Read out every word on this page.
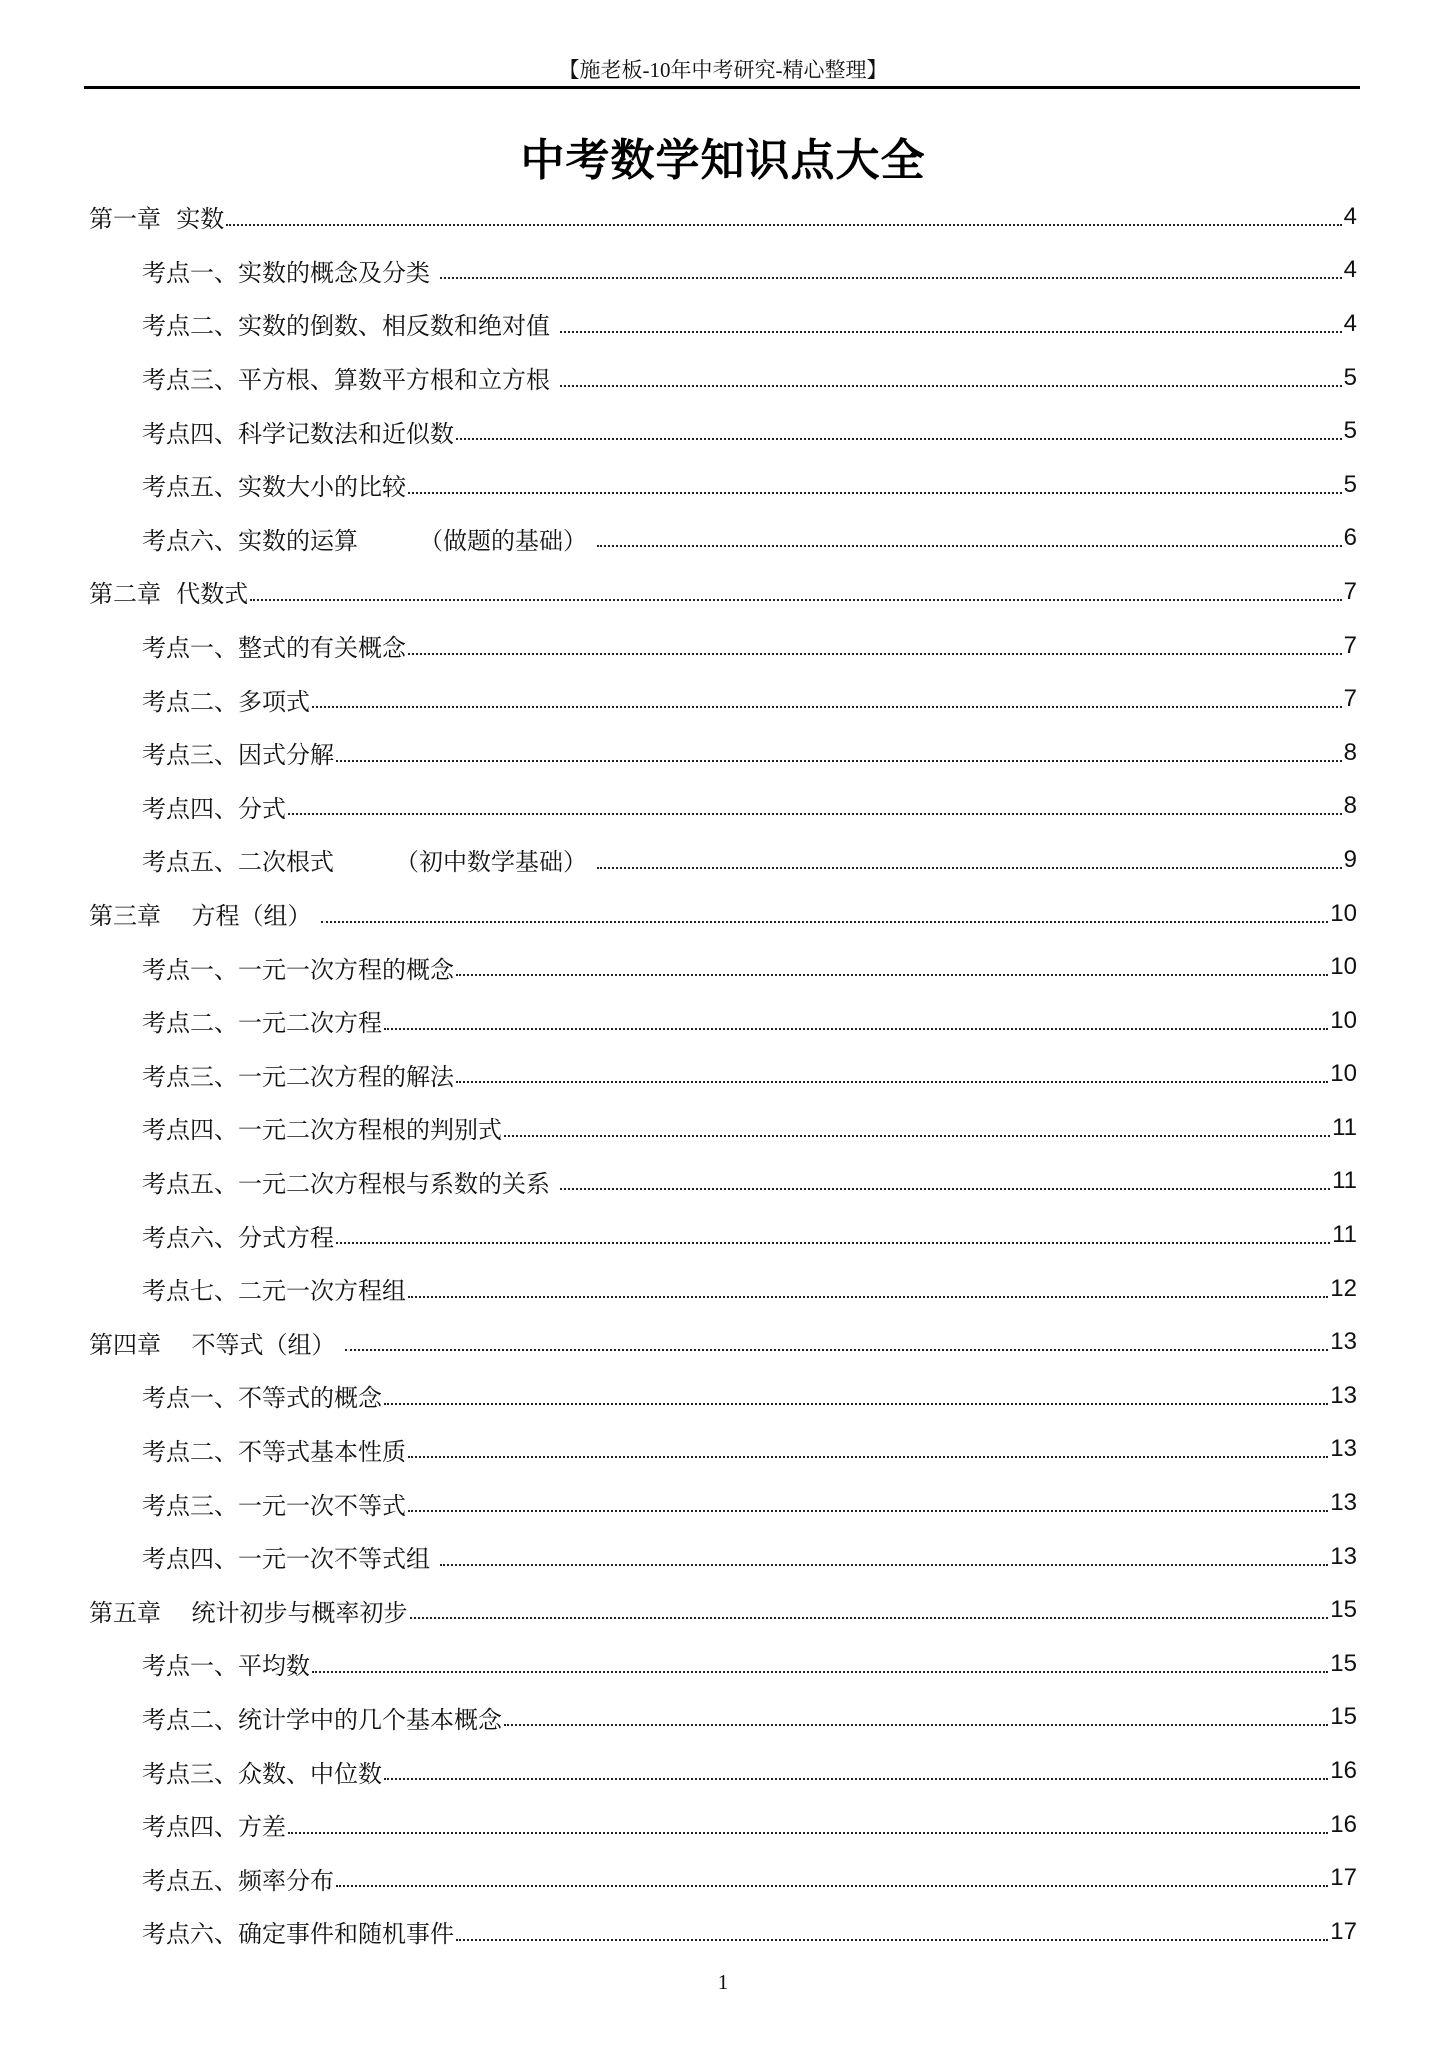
【施老板-10年中考研究-精心整理】
中考数学知识点大全
第一章  实数	4
考点一、实数的概念及分类	4
考点二、实数的倒数、相反数和绝对值	4
考点三、平方根、算数平方根和立方根	5
考点四、科学记数法和近似数	5
考点五、实数大小的比较	5
考点六、实数的运算        （做题的基础）	6
第二章  代数式	7
考点一、整式的有关概念	7
考点二、多项式	7
考点三、因式分解	8
考点四、分式	8
考点五、二次根式        （初中数学基础）	9
第三章    方程（组）	10
考点一、一元一次方程的概念	10
考点二、一元二次方程	10
考点三、一元二次方程的解法	10
考点四、一元二次方程根的判别式	11
考点五、一元二次方程根与系数的关系	11
考点六、分式方程	11
考点七、二元一次方程组	12
第四章    不等式（组）	13
考点一、不等式的概念	13
考点二、不等式基本性质	13
考点三、一元一次不等式	13
考点四、一元一次不等式组	13
第五章    统计初步与概率初步	15
考点一、平均数	15
考点二、统计学中的几个基本概念	15
考点三、众数、中位数	16
考点四、方差	16
考点五、频率分布	17
考点六、确定事件和随机事件	17
1
